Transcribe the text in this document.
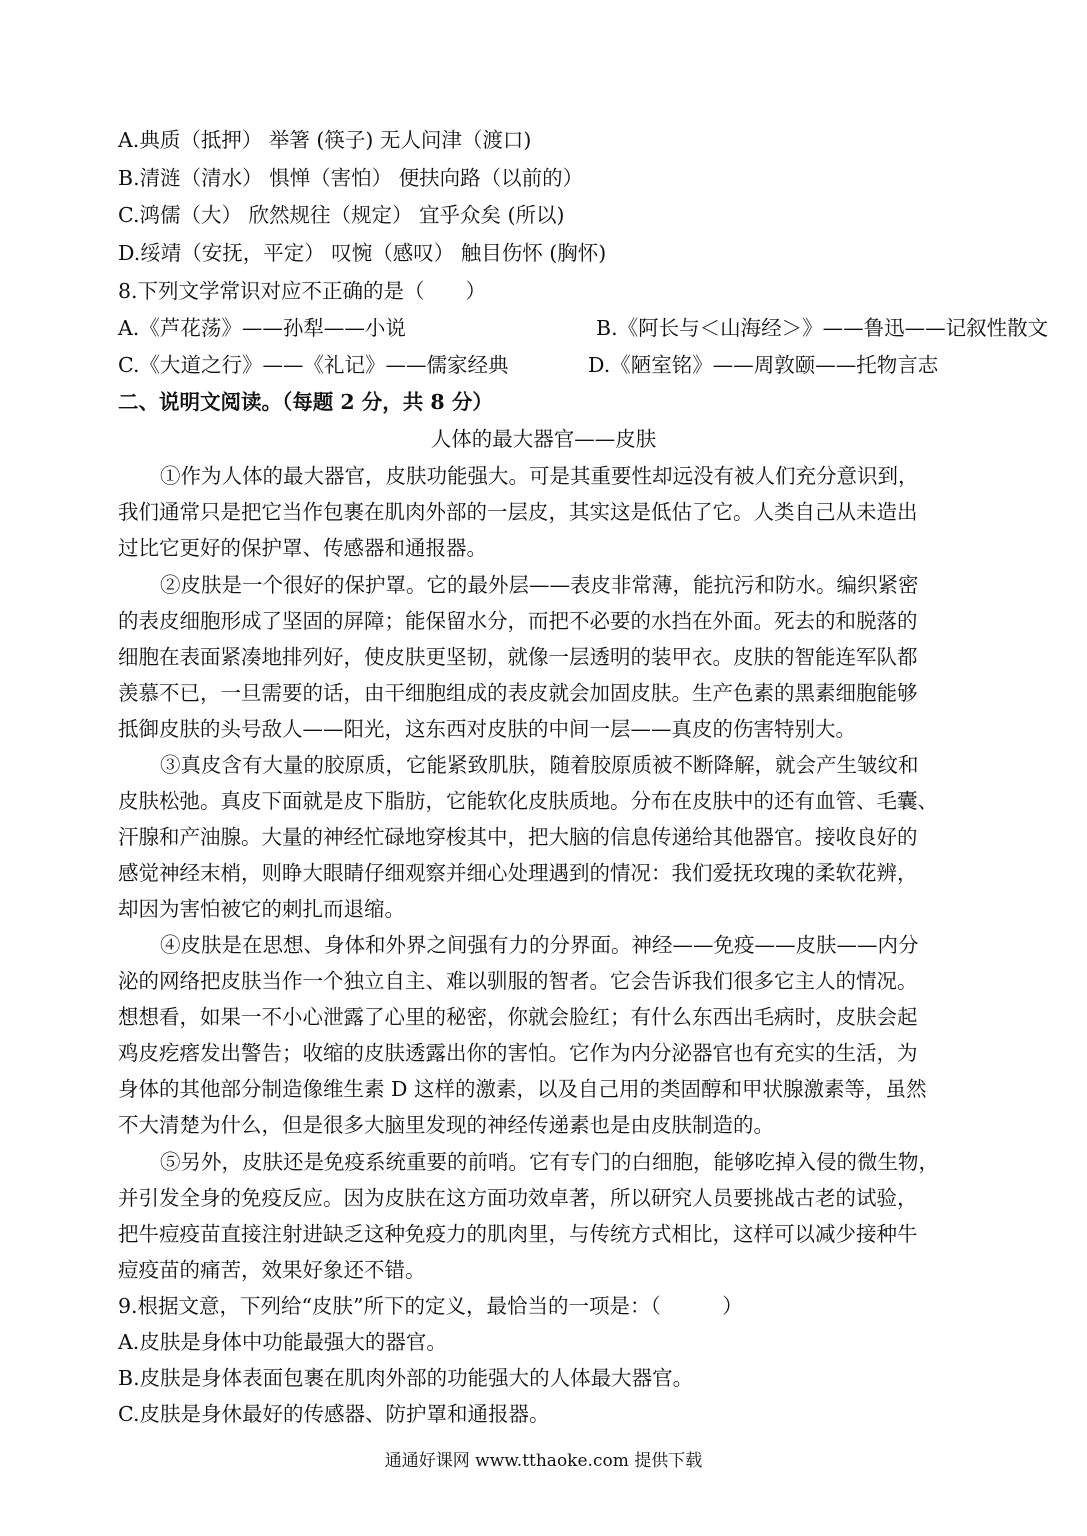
A.典质（抵押） 举箸 (筷子) 无人问津（渡口)
B.清涟（清水） 惧惮（害怕） 便扶向路（以前的）
C.鸿儒（大） 欣然规往（规定） 宜乎众矣 (所以)
D.绥靖（安抚，平定） 叹惋（感叹） 触目伤怀 (胸怀)
8.下列文学常识对应不正确的是（　　）
A.《芦花荡》——孙犁——小说	B.《阿长与＜山海经＞》——鲁迅——记叙性散文
C.《大道之行》——《礼记》——儒家经典	D.《陋室铭》——周敦颐——托物言志
二、说明文阅读。（每题 2 分，共 8 分）
人体的最大器官——皮肤
①作为人体的最大器官，皮肤功能强大。可是其重要性却远没有被人们充分意识到，
我们通常只是把它当作包裹在肌肉外部的一层皮，其实这是低估了它。人类自己从未造出
过比它更好的保护罩、传感器和通报器。
②皮肤是一个很好的保护罩。它的最外层——表皮非常薄，能抗污和防水。编织紧密
的表皮细胞形成了坚固的屏障；能保留水分，而把不必要的水挡在外面。死去的和脱落的
细胞在表面紧凑地排列好，使皮肤更坚韧，就像一层透明的装甲衣。皮肤的智能连军队都
羡慕不已，一旦需要的话，由干细胞组成的表皮就会加固皮肤。生产色素的黑素细胞能够
抵御皮肤的头号敌人——阳光，这东西对皮肤的中间一层——真皮的伤害特别大。
③真皮含有大量的胶原质，它能紧致肌肤，随着胶原质被不断降解，就会产生皱纹和
皮肤松弛。真皮下面就是皮下脂肪，它能软化皮肤质地。分布在皮肤中的还有血管、毛囊、
汗腺和产油腺。大量的神经忙碌地穿梭其中，把大脑的信息传递给其他器官。接收良好的
感觉神经末梢，则睁大眼睛仔细观察并细心处理遇到的情况：我们爱抚玫瑰的柔软花辨，
却因为害怕被它的刺扎而退缩。
④皮肤是在思想、身体和外界之间强有力的分界面。神经——免疫——皮肤——内分
泌的网络把皮肤当作一个独立自主、难以驯服的智者。它会告诉我们很多它主人的情况。
想想看，如果一不小心泄露了心里的秘密，你就会脸红；有什么东西出毛病时，皮肤会起
鸡皮疙瘩发出警告；收缩的皮肤透露出你的害怕。它作为内分泌器官也有充实的生活，为
身体的其他部分制造像维生素 D 这样的激素，以及自己用的类固醇和甲状腺激素等，虽然
不大清楚为什么，但是很多大脑里发现的神经传递素也是由皮肤制造的。
⑤另外，皮肤还是免疫系统重要的前哨。它有专门的白细胞，能够吃掉入侵的微生物，
并引发全身的免疫反应。因为皮肤在这方面功效卓著，所以研究人员要挑战古老的试验，
把牛痘疫苗直接注射进缺乏这种免疫力的肌肉里，与传统方式相比，这样可以减少接种牛
痘疫苗的痛苦，效果好象还不错。
9.根据文意，下列给“皮肤”所下的定义，最恰当的一项是：（　　　）
A.皮肤是身体中功能最强大的器官。
B.皮肤是身体表面包裹在肌肉外部的功能强大的人体最大器官。
C.皮肤是身休最好的传感器、防护罩和通报器。
通通好课网 www.tthaoke.com 提供下载
